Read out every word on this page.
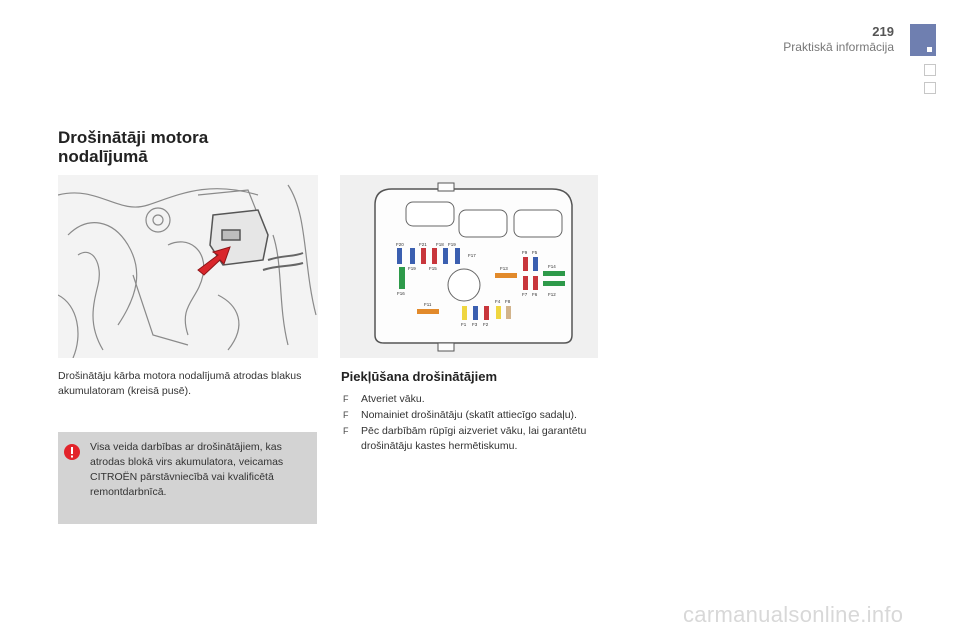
219
Praktiskā informācija
Drošinātāji motora nodalījumā
Drošinātāju kārba motora nodalījumā atrodas blakus akumulatoram (kreisā pusē).
Visa veida darbības ar drošinātājiem, kas atrodas blokā virs akumulatora, veicamas CITROËN pārstāvniecībā vai kvalificētā remontdarbnīcā.
F20	F21 F18 F19
F17
F19	F15
F16
F13
F9 F5
F7 F6
F14
F12
F11
F4 F8
F1 F3 F2
Piekļūšana drošinātājiem
F Atveriet vāku.
F Nomainiet drošinātāju (skatīt attiecīgo sadaļu).
F Pēc darbībām rūpīgi aizveriet vāku, lai garantētu drošinātāju kastes hermētiskumu.
carmanualsonline.info
